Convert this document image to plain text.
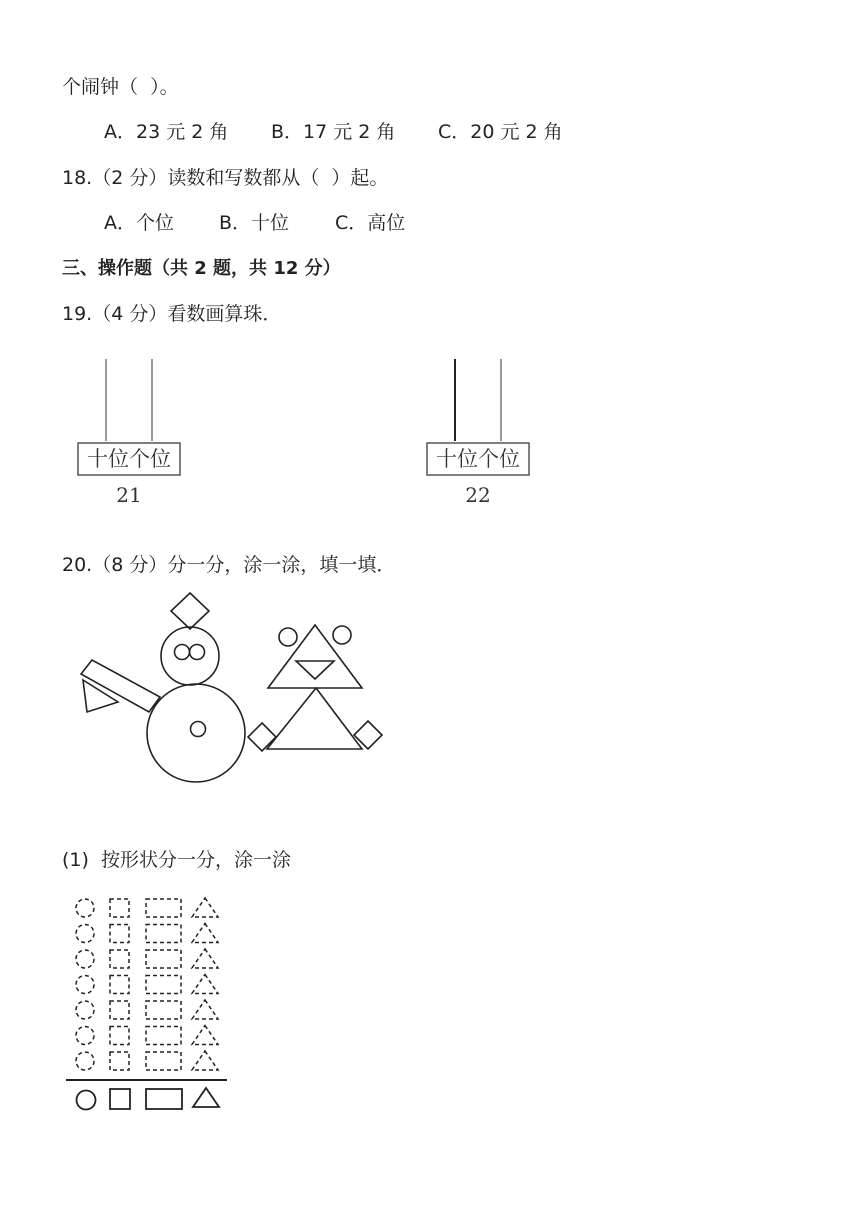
个闹钟（  ）。
A．23 元 2 角 B．17 元 2 角 C．20 元 2 角
18.（2 分）读数和写数都从（  ）起。
A．个位 B．十位 C．高位
三、操作题（共 2 题，共 12 分）
19.（4 分）看数画算珠．
十位个位
21
十位个位
22
20.（8 分）分一分，涂一涂，填一填．
(1)  按形状分一分，涂一涂
